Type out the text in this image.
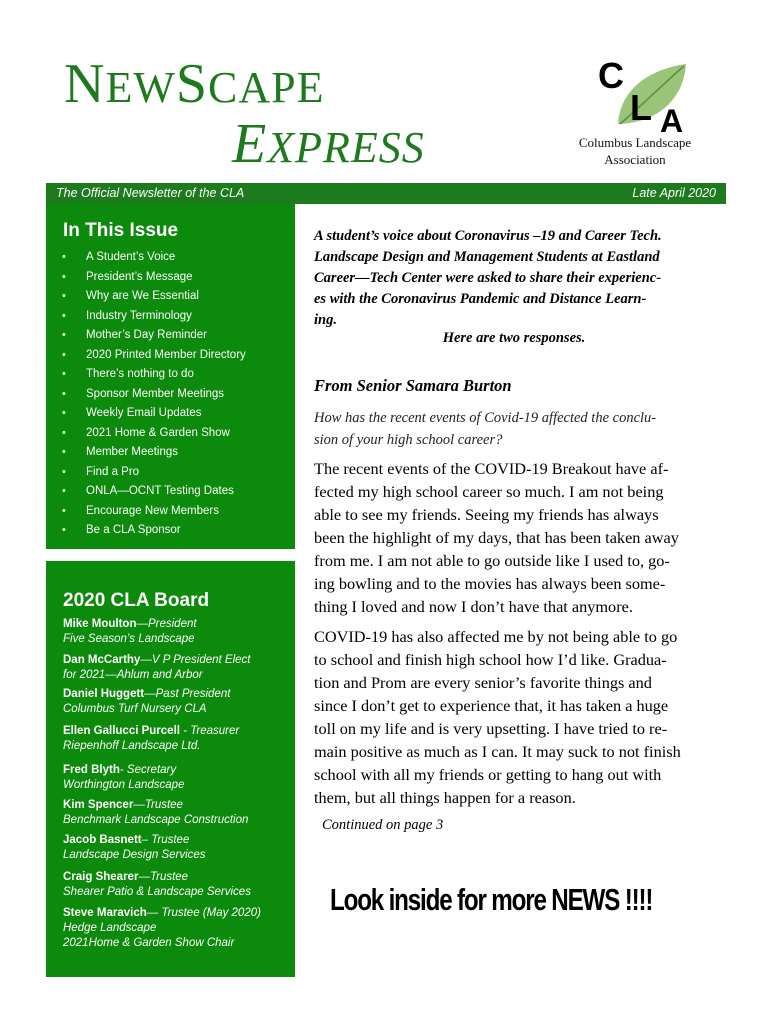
NEWSCAPE
EXPRESS
C
L A
Columbus Landscape
Association
The Official Newsletter of the CLA	Late April 2020
In This Issue
• A Student’s Voice
• President’s Message
• Why are We Essential
• Industry Terminology
• Mother’s Day Reminder
• 2020 Printed Member Directory
• There’s nothing to do
• Sponsor Member Meetings
• Weekly Email Updates
• 2021 Home & Garden Show
• Member Meetings
• Find a Pro
• ONLA—OCNT Testing Dates
• Encourage New Members
• Be a CLA Sponsor
2020 CLA Board
Mike Moulton—President
Five Season’s Landscape
Dan McCarthy—V P President Elect
for 2021—Ahlum and Arbor
Daniel Huggett—Past President
Columbus Turf Nursery CLA
Ellen Gallucci Purcell - Treasurer
Riepenhoff Landscape Ltd.
Fred Blyth- Secretary
Worthington Landscape
Kim Spencer—Trustee
Benchmark Landscape Construction
Jacob Basnett– Trustee
Landscape Design Services
Craig Shearer—Trustee
Shearer Patio & Landscape Services
Steve Maravich— Trustee (May 2020)
Hedge Landscape
2021Home & Garden Show Chair
A student’s voice about Coronavirus –19 and Career Tech.
Landscape Design and Management Students at Eastland
Career—Tech Center were asked to share their experienc-
es with the Coronavirus Pandemic and Distance Learn-
ing.
Here are two responses.
From Senior Samara Burton
How has the recent events of Covid-19 affected the conclu-
sion of your high school career?
The recent events of the COVID-19 Breakout have af-
fected my high school career so much. I am not being
able to see my friends. Seeing my friends has always
been the highlight of my days, that has been taken away
from me. I am not able to go outside like I used to, go-
ing bowling and to the movies has always been some-
thing I loved and now I don’t have that anymore.
COVID-19 has also affected me by not being able to go
to school and finish high school how I’d like. Gradua-
tion and Prom are every senior’s favorite things and
since I don’t get to experience that, it has taken a huge
toll on my life and is very upsetting. I have tried to re-
main positive as much as I can. It may suck to not finish
school with all my friends or getting to hang out with
them, but all things happen for a reason.
Continued on page 3
Look inside for more NEWS !!!!
